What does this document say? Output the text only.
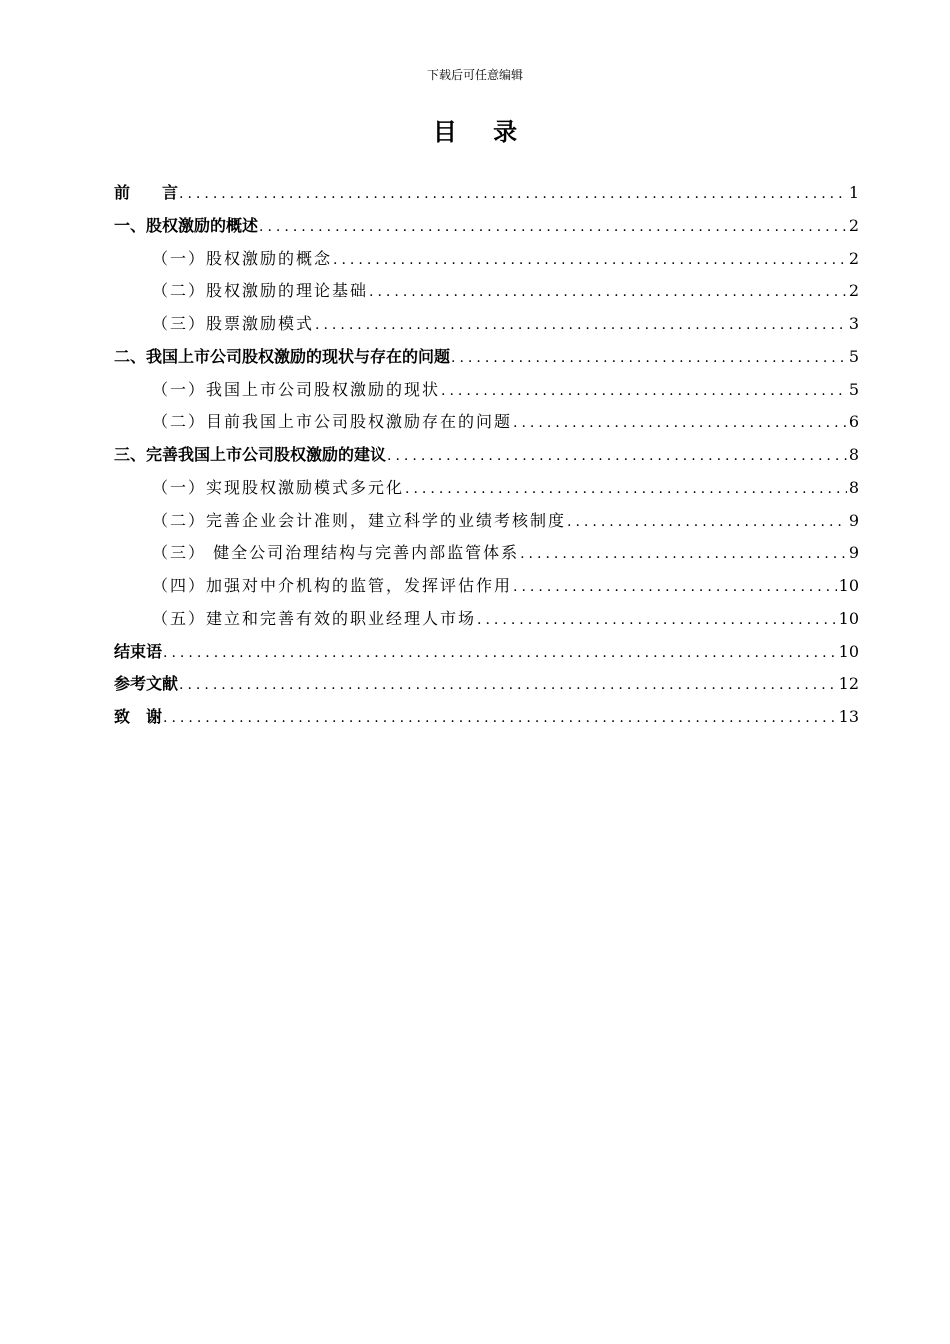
下载后可任意编辑
目 录
前　　言 .....	1
一、股权激励的概述 .....	2
（一）股权激励的概念 .....	2
（二）股权激励的理论基础 .....	2
（三）股票激励模式 .....	3
二、我国上市公司股权激励的现状与存在的问题 .....	5
（一）我国上市公司股权激励的现状 .....	5
（二）目前我国上市公司股权激励存在的问题 .....	6
三、完善我国上市公司股权激励的建议 .....	8
（一）实现股权激励模式多元化 .....	8
（二）完善企业会计准则，建立科学的业绩考核制度 .....	9
（三） 健全公司治理结构与完善内部监管体系 .....	9
（四）加强对中介机构的监管，发挥评估作用 .....	10
（五）建立和完善有效的职业经理人市场 .....	10
结束语 .....	10
参考文献 .....	12
致　谢 .....	13
